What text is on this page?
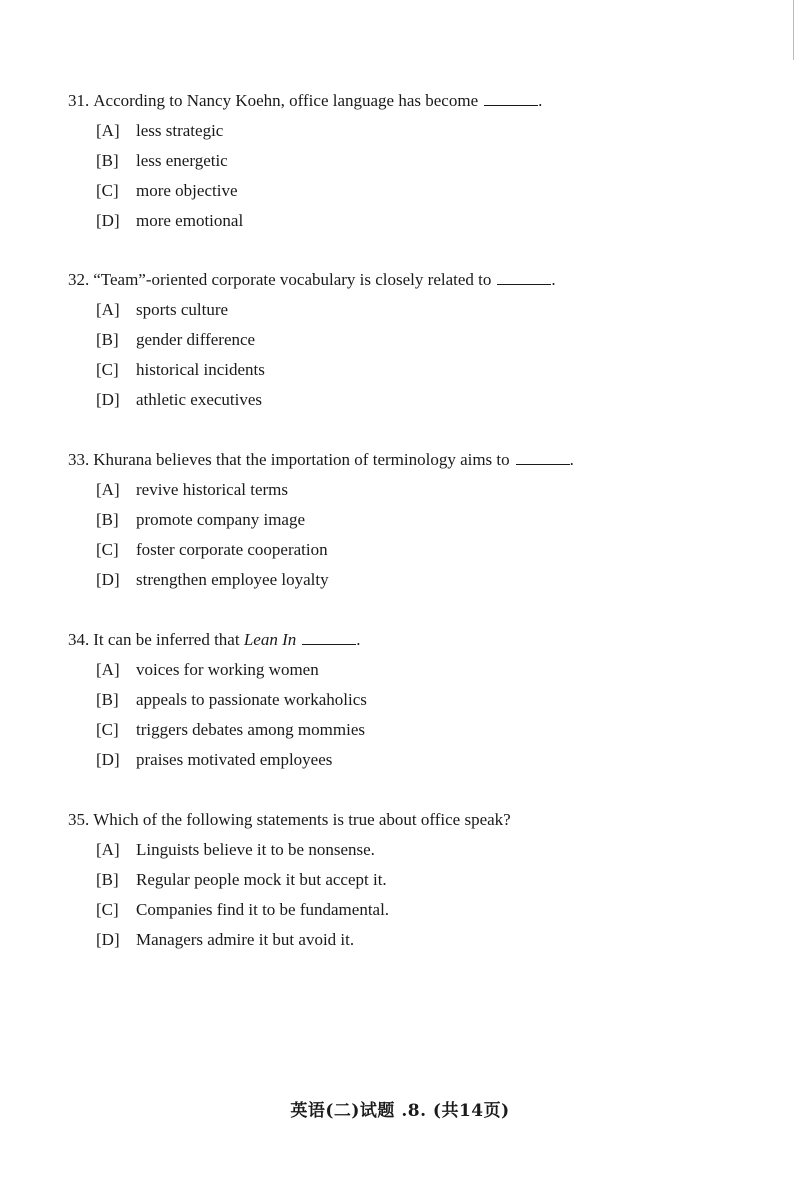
31. According to Nancy Koehn, office language has become	.
[A] less strategic
[B] less energetic
[C] more objective
[D] more emotional
32. “Team”-oriented corporate vocabulary is closely related to	.
[A] sports culture
[B] gender difference
[C] historical incidents
[D] athletic executives
33. Khurana believes that the importation of terminology aims to	.
[A] revive historical terms
[B] promote company image
[C] foster corporate cooperation
[D] strengthen employee loyalty
34. It can be inferred that Lean In	.
[A] voices for working women
[B] appeals to passionate workaholics
[C] triggers debates among mommies
[D] praises motivated employees
35. Which of the following statements is true about office speak?
[A] Linguists believe it to be nonsense.
[B] Regular people mock it but accept it.
[C] Companies find it to be fundamental.
[D] Managers admire it but avoid it.
英语(二)试题 .8. (共14页)
